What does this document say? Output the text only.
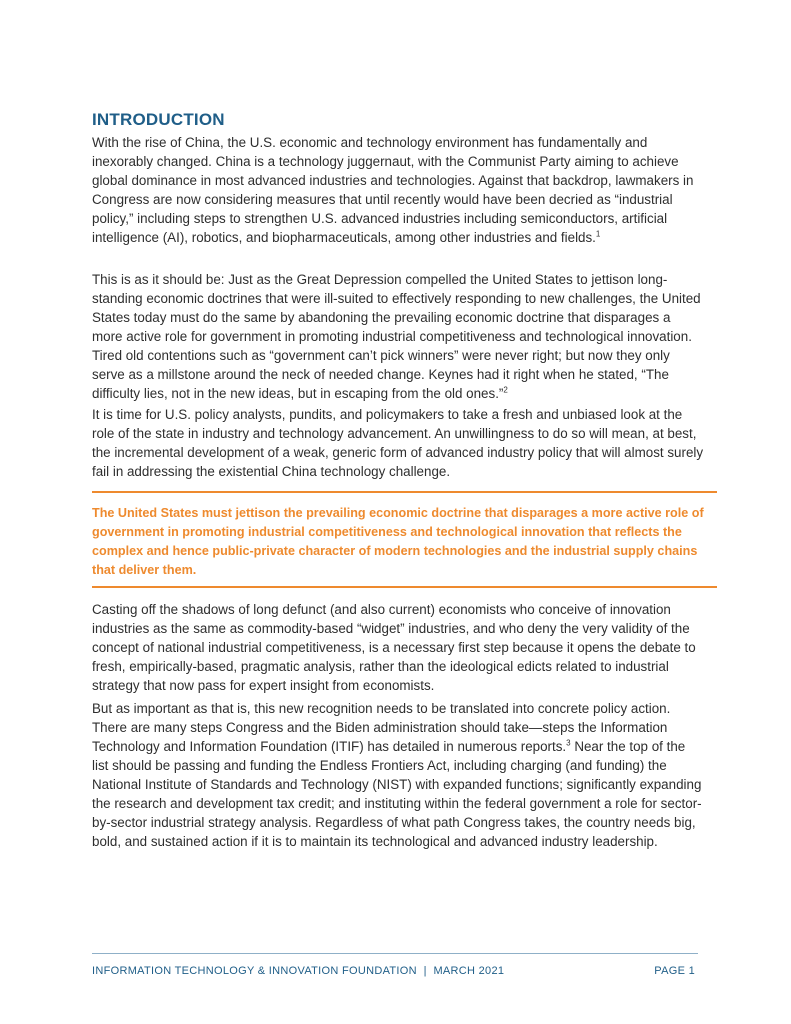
INTRODUCTION

With the rise of China, the U.S. economic and technology environment has fundamentally and inexorably changed. China is a technology juggernaut, with the Communist Party aiming to achieve global dominance in most advanced industries and technologies. Against that backdrop, lawmakers in Congress are now considering measures that until recently would have been decried as “industrial policy,” including steps to strengthen U.S. advanced industries including semiconductors, artificial intelligence (AI), robotics, and biopharmaceuticals, among other industries and fields.$^1$

This is as it should be: Just as the Great Depression compelled the United States to jettison long-standing economic doctrines that were ill-suited to effectively responding to new challenges, the United States today must do the same by abandoning the prevailing economic doctrine that disparages a more active role for government in promoting industrial competitiveness and technological innovation. Tired old contentions such as “government can’t pick winners” were never right; but now they only serve as a millstone around the neck of needed change. Keynes had it right when he stated, “The difficulty lies, not in the new ideas, but in escaping from the old ones.”$^2$

It is time for U.S. policy analysts, pundits, and policymakers to take a fresh and unbiased look at the role of the state in industry and technology advancement. An unwillingness to do so will mean, at best, the incremental development of a weak, generic form of advanced industry policy that will almost surely fail in addressing the existential China technology challenge.

The United States must jettison the prevailing economic doctrine that disparages a more active role of government in promoting industrial competitiveness and technological innovation that reflects the complex and hence public-private character of modern technologies and the industrial supply chains that deliver them.

Casting off the shadows of long defunct (and also current) economists who conceive of innovation industries as the same as commodity-based “widget” industries, and who deny the very validity of the concept of national industrial competitiveness, is a necessary first step because it opens the debate to fresh, empirically-based, pragmatic analysis, rather than the ideological edicts related to industrial strategy that now pass for expert insight from economists.

But as important as that is, this new recognition needs to be translated into concrete policy action. There are many steps Congress and the Biden administration should take—steps the Information Technology and Information Foundation (ITIF) has detailed in numerous reports.$^3$ Near the top of the list should be passing and funding the Endless Frontiers Act, including charging (and funding) the National Institute of Standards and Technology (NIST) with expanded functions; significantly expanding the research and development tax credit; and instituting within the federal government a role for sector-by-sector industrial strategy analysis. Regardless of what path Congress takes, the country needs big, bold, and sustained action if it is to maintain its technological and advanced industry leadership.

INFORMATION TECHNOLOGY & INNOVATION FOUNDATION  |  MARCH 2021	PAGE 1
